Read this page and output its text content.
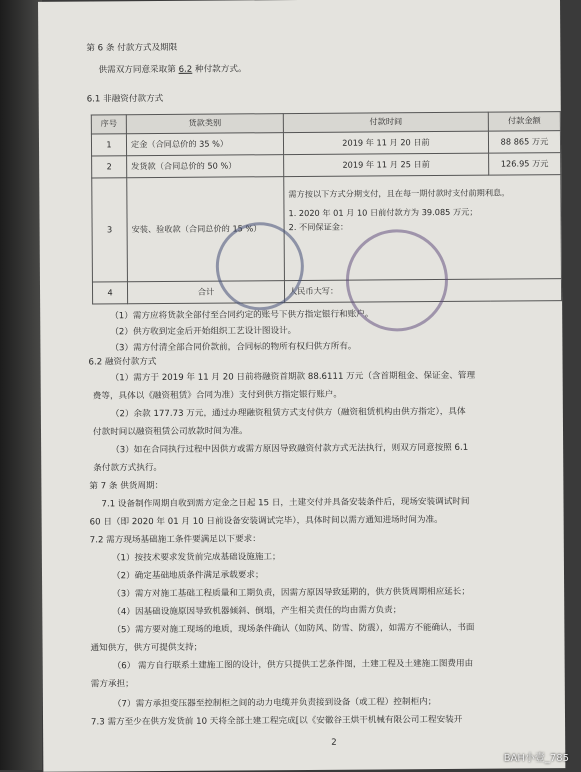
第 6 条 付款方式及期限
供需双方同意采取第 6.2 种付款方式。
6.1 非融资付款方式
序号	货款类别	付款时间	付款金额
1	定金（合同总价的 35 %）	2019 年 11 月 20 日前	88 865 万元
2	发货款（合同总价的 50 %）	2019 年 11 月 25 日前	126.95 万元
3	安装、验收款（合同总价的 15 %）	需方按以下方式分期支付，且在每一期付款时支付前期利息。
1. 2020 年 01 月 10 日前付款方为 39.085 万元；
2. 不同保证金：	

4	合计	人民币大写：	
（1）需方应将货款全部付至合同约定的账号下供方指定银行和账户。
（2）供方收到定金后开始组织工艺设计图设计。
（3）需方付清全部合同价款前，合同标的物所有权归供方所有。
6.2 融资付款方式
（1）需方于 2019 年 11 月 20 日前将融资首期款 88.6111 万元（含首期租金、保证金、管理
费等，具体以《融资租赁》合同为准）支付到供方指定银行账户。
（2）余款 177.73 万元，通过办理融资租赁方式支付供方（融资租赁机构由供方指定），具体
付款时间以融资租赁公司放款时间为准。
（3）如在合同执行过程中因供方或需方原因导致融资付款方式无法执行，则双方同意按照 6.1
条付款方式执行。
第 7 条 供货周期：
7.1 设备制作周期自收到需方定金之日起 15 日，土建交付并具备安装条件后，现场安装调试时间
60 日（即 2020 年 01 月 10 日前设备安装调试完毕），具体时间以需方通知进场时间为准。
7.2 需方现场基础施工条件要满足以下要求：
（1）按技术要求发货前完成基础设施施工；
（2）确定基础地质条件满足承载要求；
（3）需方对施工基础工程质量和工期负责，因需方原因导致延期的，供方供货周期相应延长；
（4）因基础设施原因导致机器倾斜、倒塌，产生相关责任的均由需方负责；
（5）需方要对施工现场的地质，现场条件确认（如防风、防雪、防震），如需方不能确认，书面
通知供方，供方可提供支持；
（6） 需方自行联系土建施工图的设计，供方只提供工艺条件图，土建工程及土建施工图费用由
需方承担；
（7）需方承担变压器至控制柜之间的动力电缆并负责接到设备（或工程）控制柜内；
7.3 需方至少在供方发货前 10 天将全部土建工程完成[以《安徽谷王烘干机械有限公司工程安装开
2
BAH小壹_785
